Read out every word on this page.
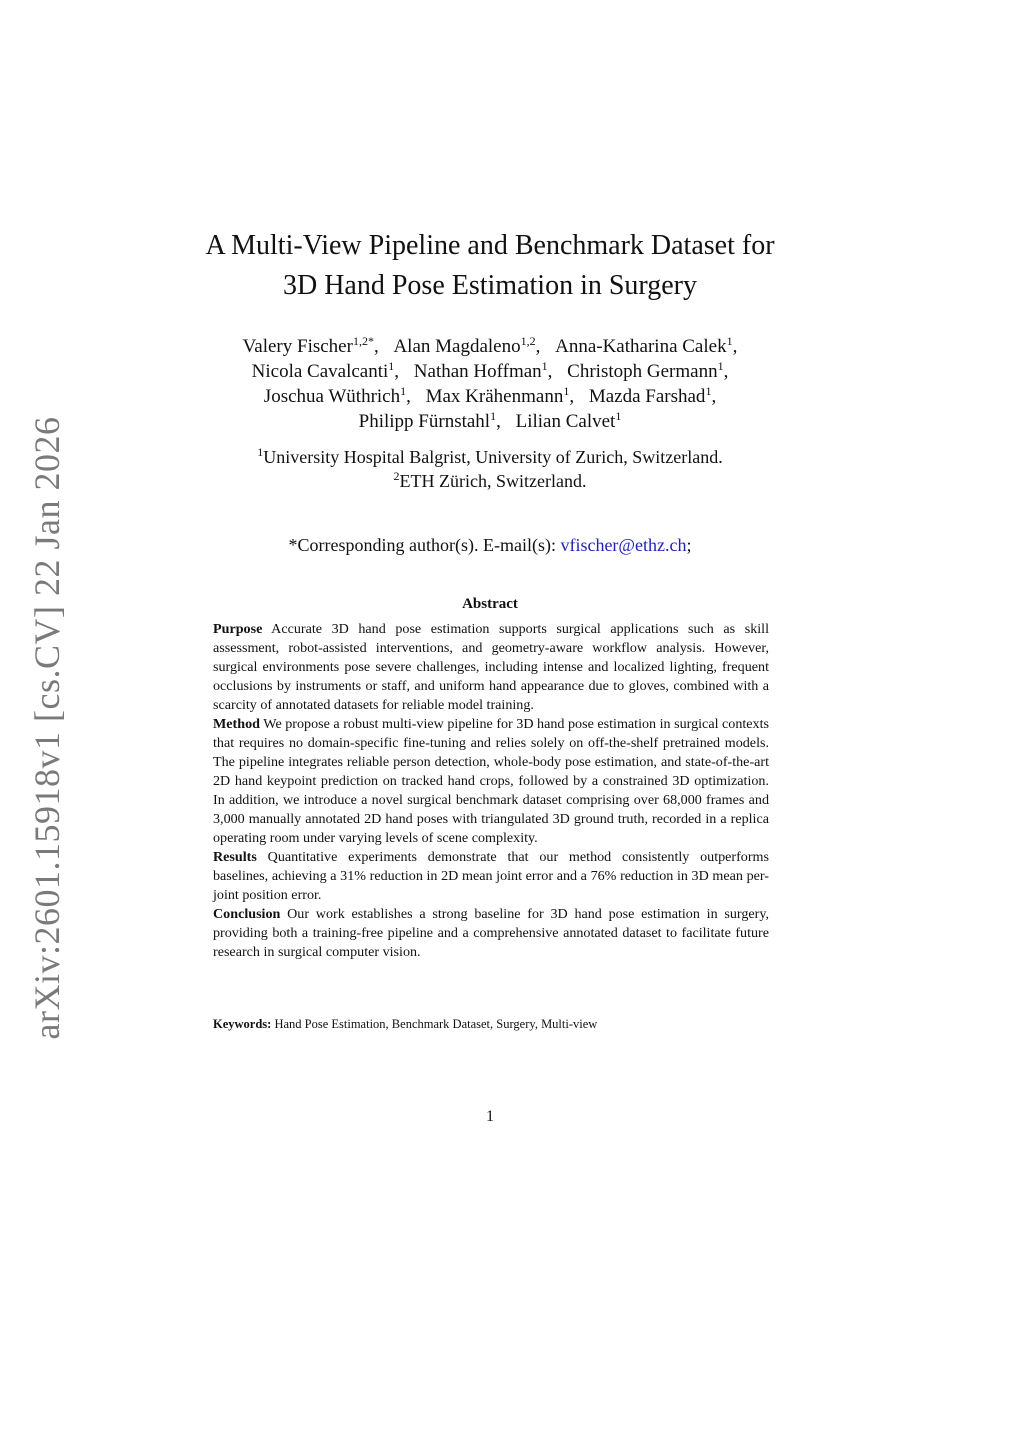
arXiv:2601.15918v1 [cs.CV] 22 Jan 2026
A Multi-View Pipeline and Benchmark Dataset for
3D Hand Pose Estimation in Surgery
Valery Fischer$^{1,2*}$, Alan Magdaleno$^{1,2}$, Anna-Katharina Calek$^1$,
Nicola Cavalcanti$^1$, Nathan Hoffman$^1$, Christoph Germann$^1$,
Joschua Wüthrich$^1$, Max Krähenmann$^1$, Mazda Farshad$^1$,
Philipp Fürnstahl$^1$, Lilian Calvet$^1$
$^1$University Hospital Balgrist, University of Zurich, Switzerland.
$^2$ETH Zürich, Switzerland.
*Corresponding author(s). E-mail(s): vfischer@ethz.ch;
Abstract

Purpose Accurate 3D hand pose estimation supports surgical applications such as skill assessment, robot-assisted interventions, and geometry-aware workflow analysis. However, surgical environments pose severe challenges, including intense and localized lighting, frequent occlusions by instruments or staff, and uniform hand appearance due to gloves, combined with a scarcity of annotated datasets for reliable model training.

Method We propose a robust multi-view pipeline for 3D hand pose estimation in surgical contexts that requires no domain-specific fine-tuning and relies solely on off-the-shelf pretrained models. The pipeline integrates reliable person detection, whole-body pose estimation, and state-of-the-art 2D hand keypoint prediction on tracked hand crops, followed by a constrained 3D optimization. In addition, we introduce a novel surgical benchmark dataset comprising over 68,000 frames and 3,000 manually annotated 2D hand poses with triangulated 3D ground truth, recorded in a replica operating room under varying levels of scene complexity.

Results Quantitative experiments demonstrate that our method consistently outperforms baselines, achieving a 31% reduction in 2D mean joint error and a 76% reduction in 3D mean per-joint position error.

Conclusion Our work establishes a strong baseline for 3D hand pose estimation in surgery, providing both a training-free pipeline and a comprehensive annotated dataset to facilitate future research in surgical computer vision.

Keywords: Hand Pose Estimation, Benchmark Dataset, Surgery, Multi-view
1
